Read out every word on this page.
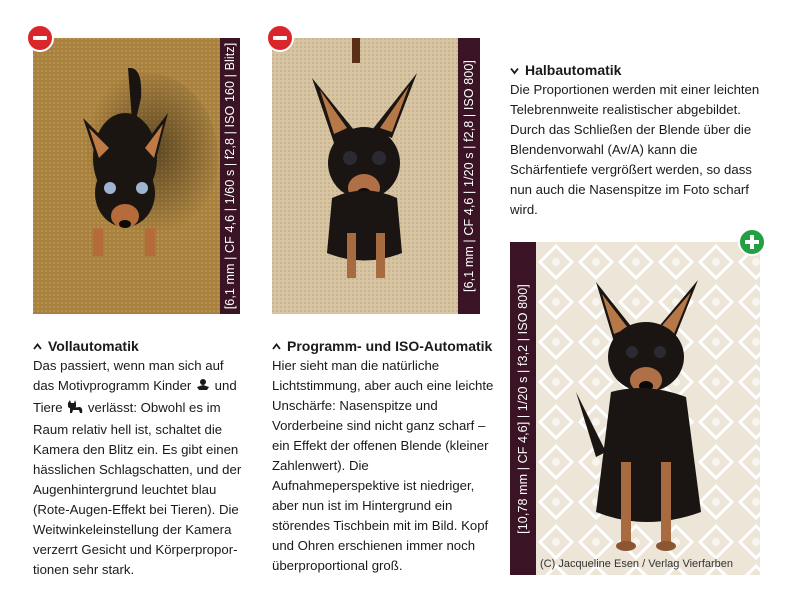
[6,1 mm | CF 4,6 | 1/60 s | f2,8 | ISO 160 | Blitz]	[6,1 mm | CF 4,6 | 1/20 s | f2,8 | ISO 800]
[10,78 mm | CF 4,6] | 1/20 s | f3,2 | ISO 800]
(C) Jacqueline Esen / Verlag Vierfarben
Vollautomatik

Das passiert, wenn man sich auf das Motivprogramm Kinder und Tiere verlässt: Obwohl es im Raum relativ hell ist, schaltet die Kamera den Blitz ein. Es gibt einen hässlichen Schlagschatten, und der Augenhintergrund leuchtet blau (Rote-Augen-Effekt bei Tieren). Die Weitwinkeleinstellung der Kamera verzerrt Gesicht und Körperproportionen sehr stark.

Programm- und ISO-Automatik

Hier sieht man die natürliche Lichtstimmung, aber auch eine leichte Unschärfe: Nasenspitze und Vorderbeine sind nicht ganz scharf – ein Effekt der offenen Blende (kleiner Zahlenwert). Die Aufnahmeperspektive ist niedriger, aber nun ist im Hintergrund ein störendes Tischbein mit im Bild. Kopf und Ohren erschienen immer noch überproportional groß.

Halbautomatik

Die Proportionen werden mit einer leichten Telebrennweite realistischer abgebildet. Durch das Schließen der Blende über die Blendenvorwahl (Av/A) kann die Schärfentiefe vergrößert werden, so dass nun auch die Nasenspitze im Foto scharf wird.
